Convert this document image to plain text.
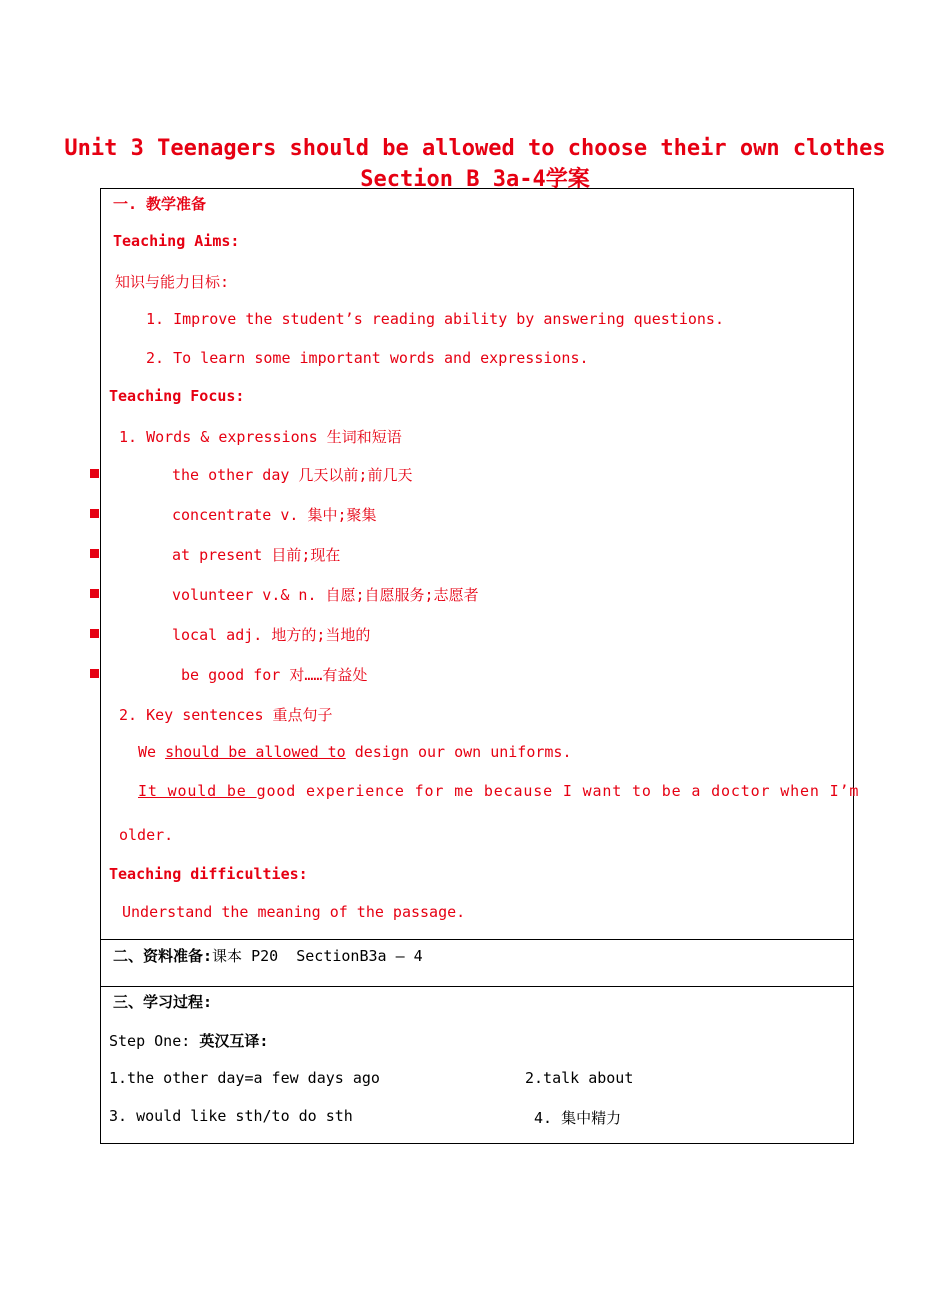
Unit 3 Teenagers should be allowed to choose their own clothes
Section B 3a-4学案
一. 教学准备
Teaching Aims:
知识与能力目标:
1. Improve the student’s reading ability by answering questions.
2. To learn some important words and expressions.
Teaching Focus:
1. Words & expressions 生词和短语
the other day 几天以前;前几天
concentrate v. 集中;聚集
at present 目前;现在
volunteer v.& n. 自愿;自愿服务;志愿者
local adj. 地方的;当地的
be good for 对……有益处
2. Key sentences 重点句子
We should be allowed to design our own uniforms.
It would be good experience for me because I want to be a doctor when I’m
older.
Teaching difficulties:
Understand the meaning of the passage.
二、资料准备:课本 P20  SectionB3a – 4
三、学习过程:
Step One: 英汉互译:
1.the other day=a few days ago	2.talk about
3. would like sth/to do sth	4. 集中精力
